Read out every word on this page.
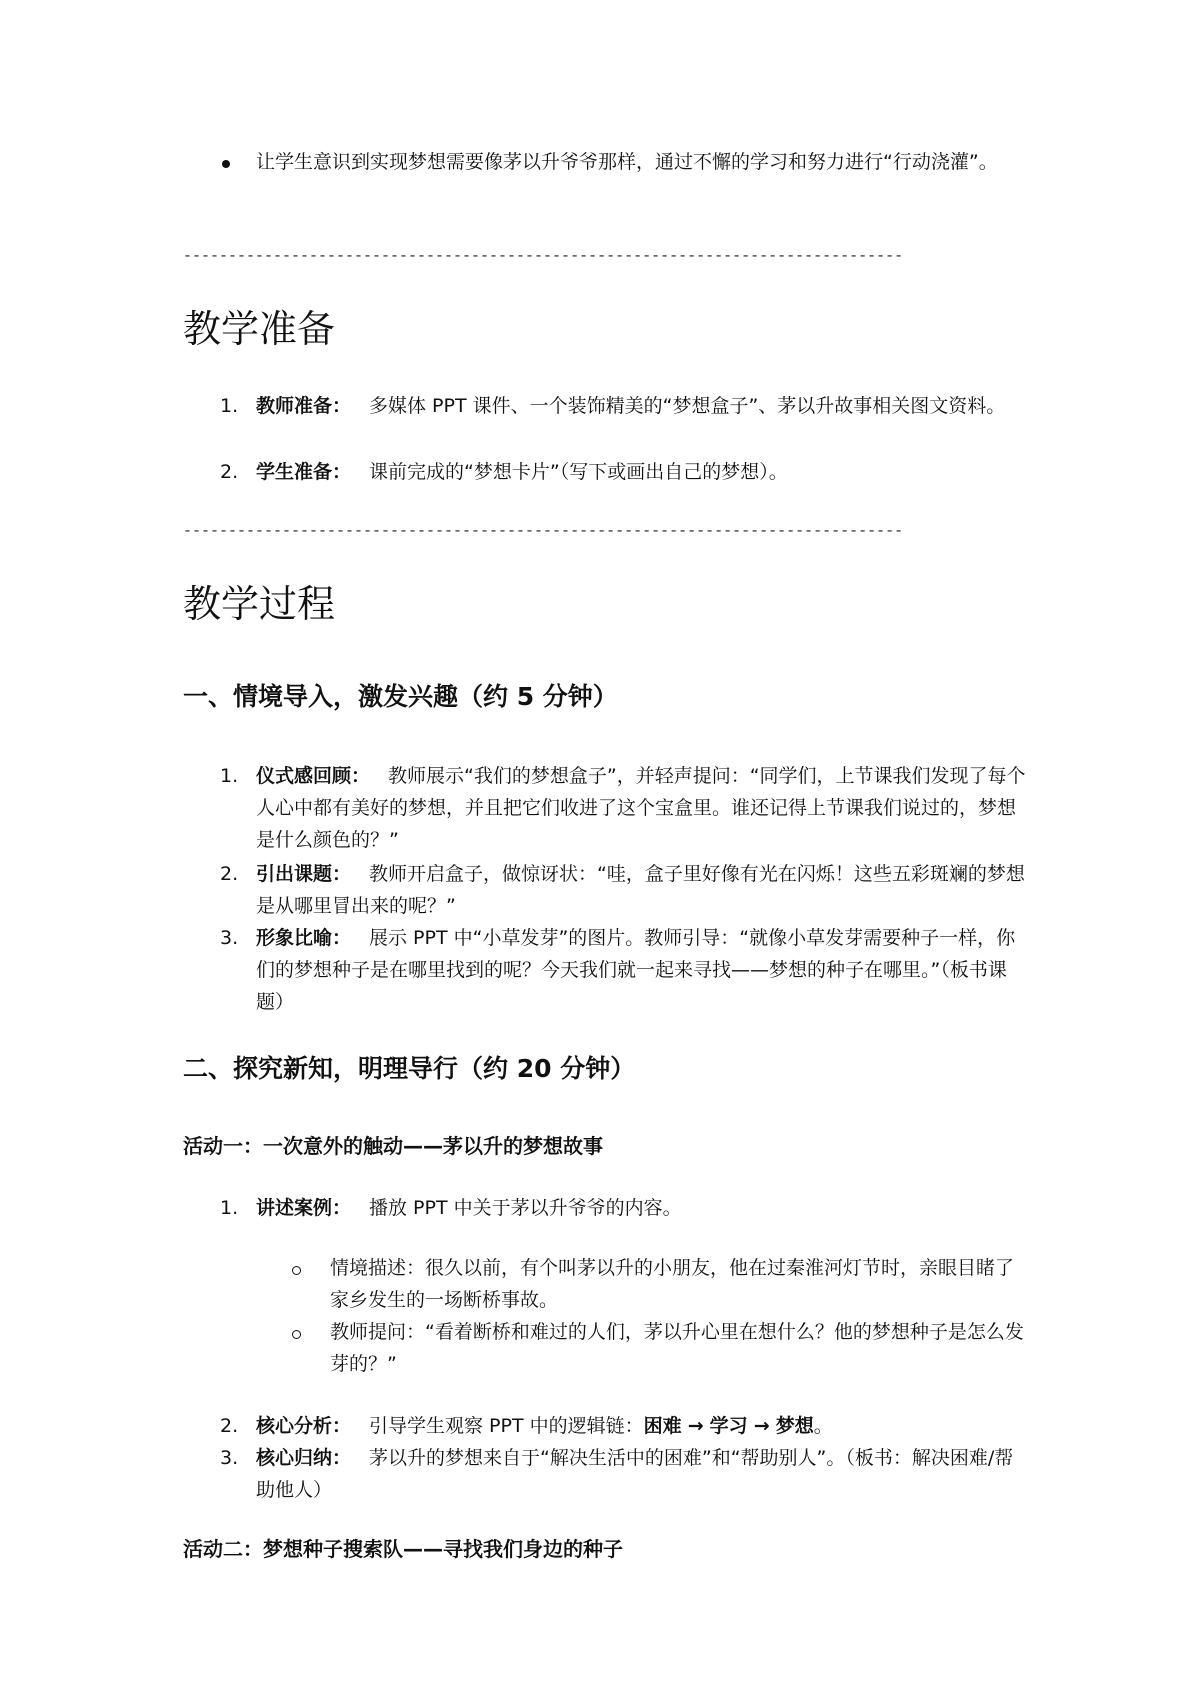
让学生意识到实现梦想需要像茅以升爷爷那样，通过不懈的学习和努力进行“行动浇灌”。
--------------------------------------------------------------------------------
教学准备
1. 教师准备： 多媒体 PPT 课件、一个装饰精美的“梦想盒子”、茅以升故事相关图文资料。
2. 学生准备： 课前完成的“梦想卡片”（写下或画出自己的梦想）。
--------------------------------------------------------------------------------
教学过程
一、情境导入，激发兴趣（约 5 分钟）
1. 仪式感回顾： 教师展示“我们的梦想盒子”，并轻声提问：“同学们，上节课我们发现了每个人心中都有美好的梦想，并且把它们收进了这个宝盒里。谁还记得上节课我们说过的，梦想是什么颜色的？”
2. 引出课题： 教师开启盒子，做惊讶状：“哇，盒子里好像有光在闪烁！这些五彩斑斓的梦想是从哪里冒出来的呢？”
3. 形象比喻： 展示 PPT 中“小草发芽”的图片。教师引导：“就像小草发芽需要种子一样，你们的梦想种子是在哪里找到的呢？今天我们就一起来寻找——梦想的种子在哪里。”（板书课题）
二、探究新知，明理导行（约 20 分钟）
活动一：一次意外的触动——茅以升的梦想故事
1. 讲述案例： 播放 PPT 中关于茅以升爷爷的内容。
情境描述：很久以前，有个叫茅以升的小朋友，他在过秦淮河灯节时，亲眼目睹了家乡发生的一场断桥事故。
教师提问：“看着断桥和难过的人们，茅以升心里在想什么？他的梦想种子是怎么发芽的？”
2. 核心分析： 引导学生观察 PPT 中的逻辑链：困难 → 学习 → 梦想。
3. 核心归纳： 茅以升的梦想来自于“解决生活中的困难”和“帮助别人”。（板书：解决困难/帮助他人）
活动二：梦想种子搜索队——寻找我们身边的种子
